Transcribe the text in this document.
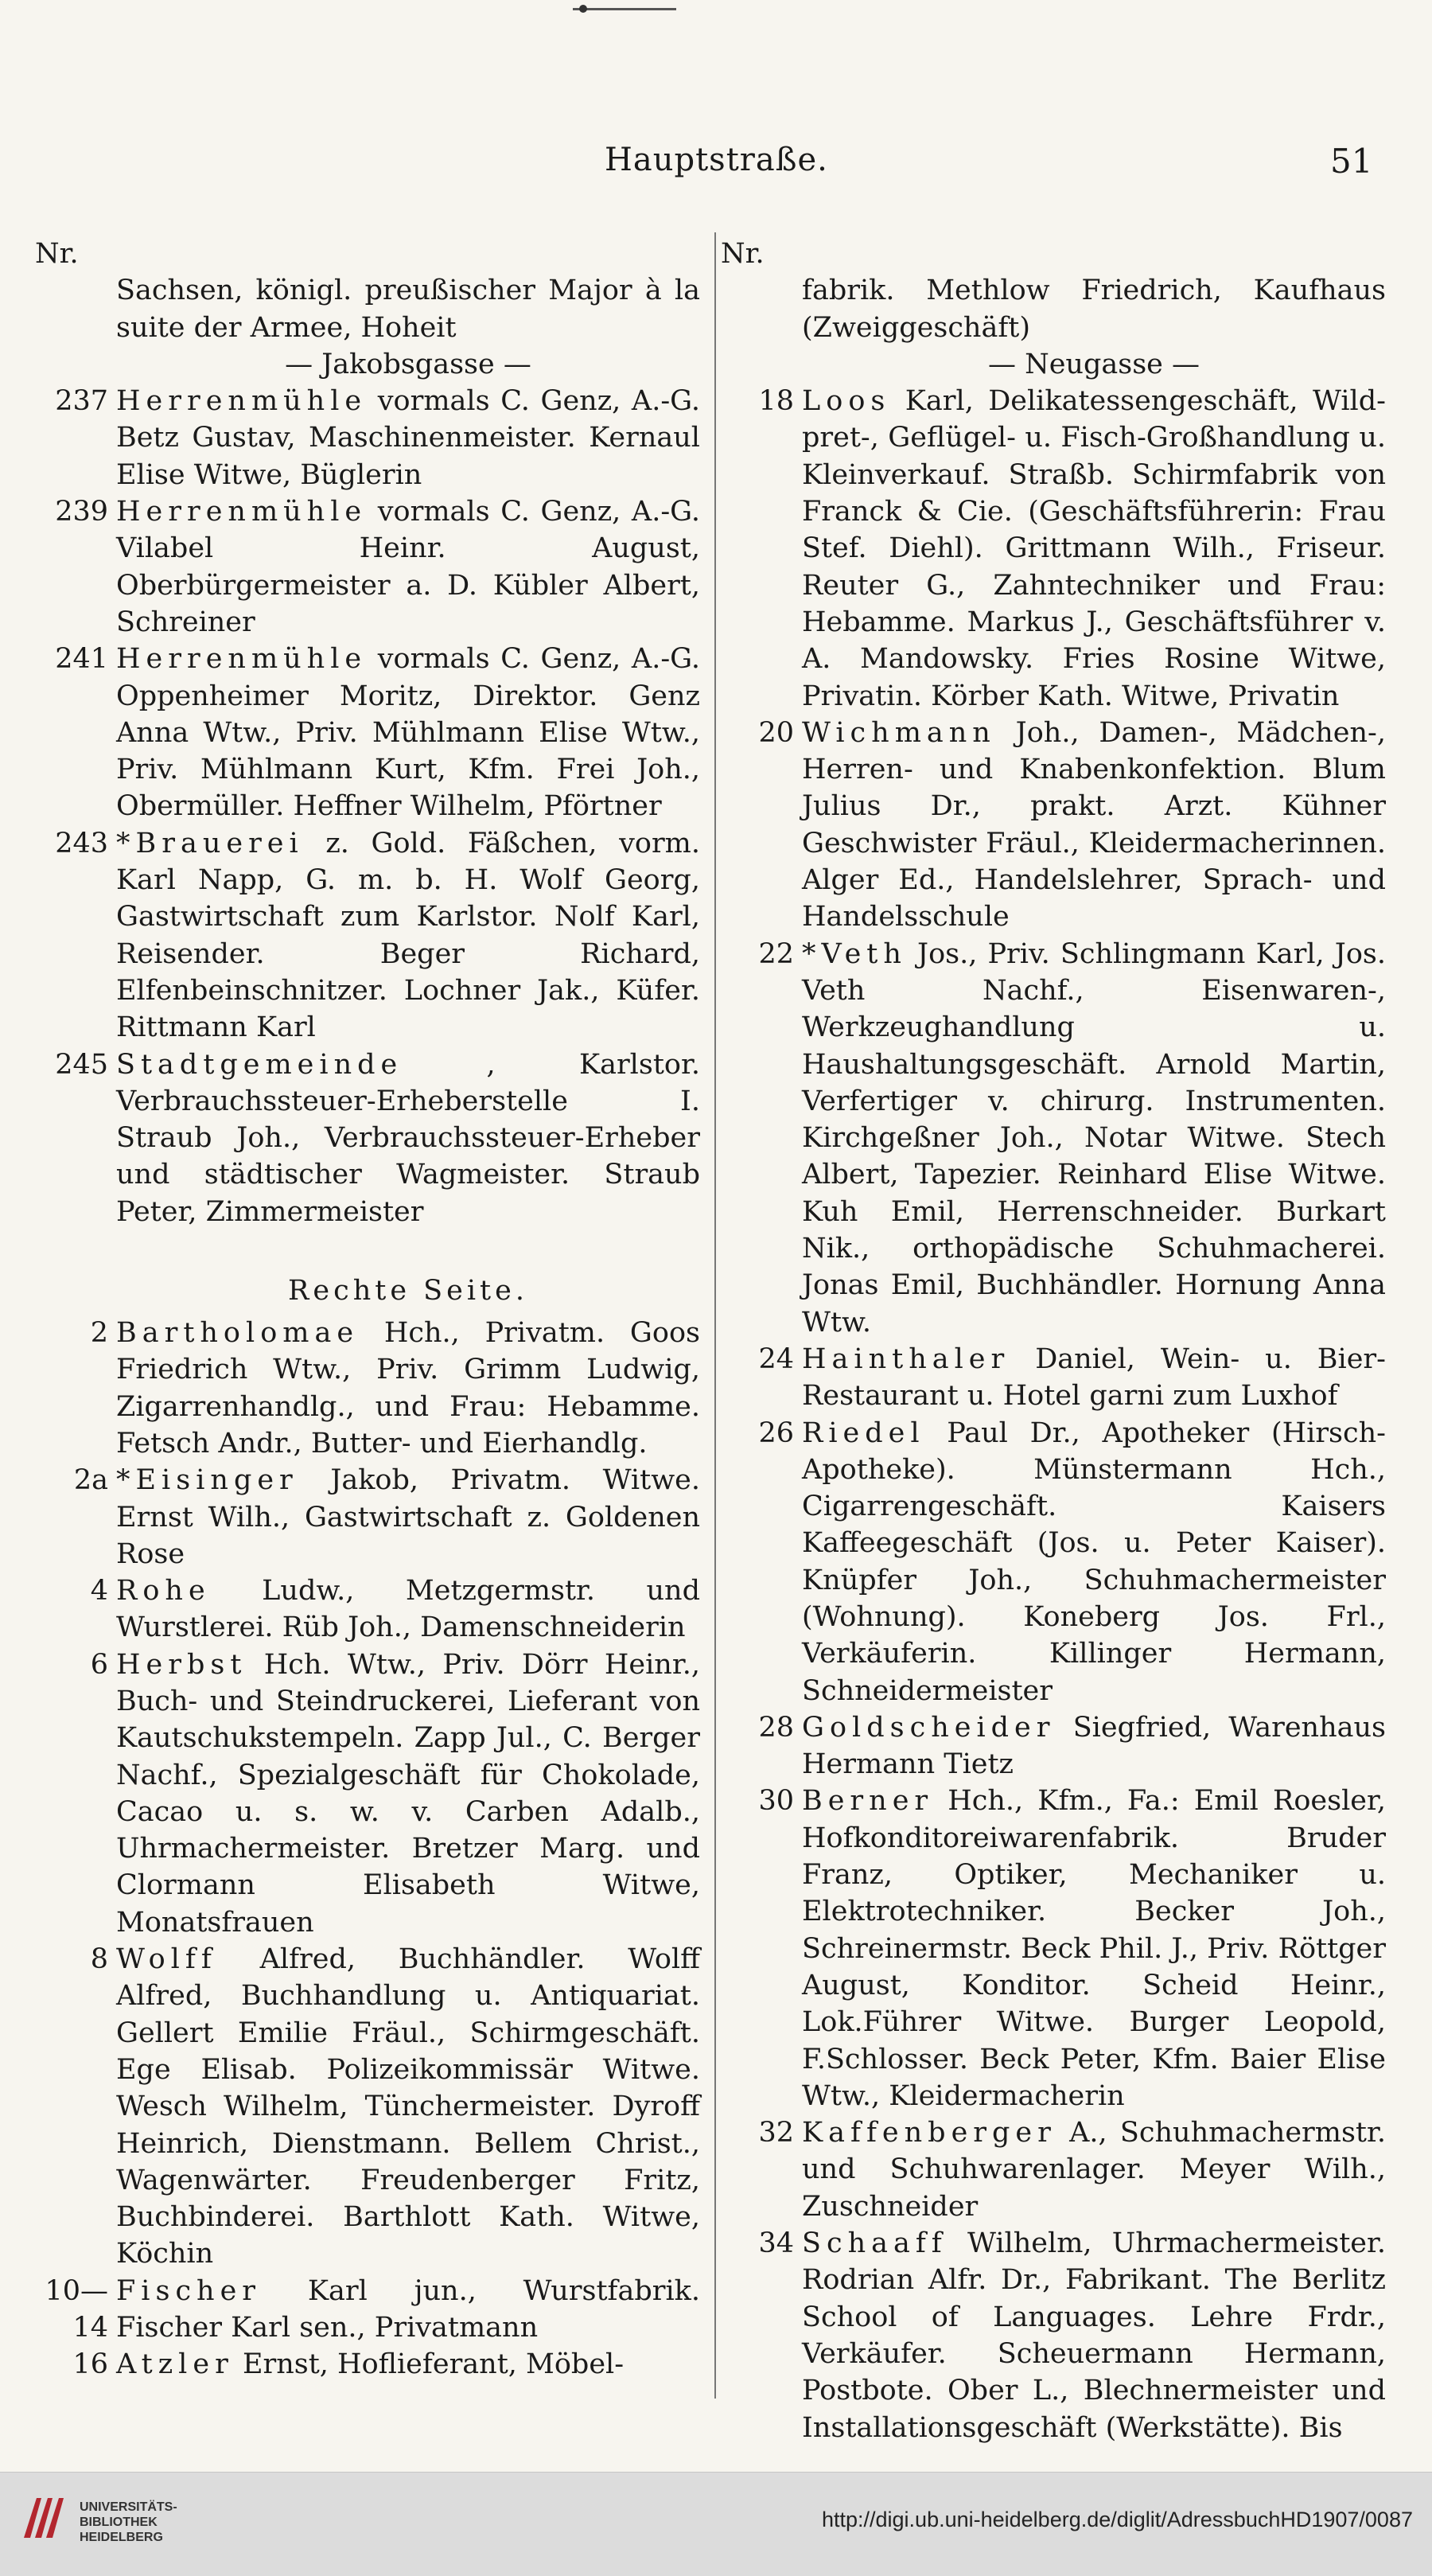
Hauptstraße.	51
Nr.
Sachsen, königl. preußischer Major à la suite der Armee, Hoheit
— Jakobsgasse —
237 Herrenmühle vormals C. Genz, A.-G. Betz Gustav, Maschinenmeister. Kernaul Elise Witwe, Büglerin
239 Herrenmühle vormals C. Genz, A.-G. Vilabel Heinr. August, Oberbürgermeister a. D. Kübler Albert, Schreiner
241 Herrenmühle vormals C. Genz, A.-G. Oppenheimer Moritz, Direktor. Genz Anna Wtw., Priv. Mühlmann Elise Wtw., Priv. Mühlmann Kurt, Kfm. Frei Joh., Obermüller. Heffner Wilhelm, Pförtner
243 *Brauerei z. Gold. Fäßchen, vorm. Karl Napp, G. m. b. H. Wolf Georg, Gastwirtschaft zum Karlstor. Nolf Karl, Reisender. Beger Richard, Elfenbeinschnitzer. Lochner Jak., Küfer. Rittmann Karl
245 Stadtgemeinde	, Karlstor. Verbrauchssteuer-Erheberstelle I. Straub Joh., Verbrauchssteuer-Erheber und städtischer Wagmeister. Straub Peter, Zimmermeister
Rechte Seite.
2 Bartholomae Hch., Privatm. Goos Friedrich Wtw., Priv. Grimm Ludwig, Zigarrenhandlg., und Frau: Hebamme. Fetsch Andr., Butter- und Eierhandlg.
2a *Eisinger Jakob, Privatm. Witwe. Ernst Wilh., Gastwirtschaft z. Goldenen Rose
4 Rohe Ludw., Metzgermstr. und Wurstlerei. Rüb Joh., Damenschneiderin
6 Herbst Hch. Wtw., Priv. Dörr Heinr., Buch- und Steindruckerei, Lieferant von Kautschukstempeln. Zapp Jul., C. Berger Nachf., Spezialgeschäft für Chokolade, Cacao u. s. w. v. Carben Adalb., Uhrmachermeister. Bretzer Marg. und Clormann Elisabeth Witwe, Monatsfrauen
8 Wolff Alfred, Buchhändler. Wolff Alfred, Buchhandlung u. Antiquariat. Gellert Emilie Fräul., Schirmgeschäft. Ege Elisab. Polizeikommissär Witwe. Wesch Wilhelm, Tünchermeister. Dyroff Heinrich, Dienstmann. Bellem Christ., Wagenwärter. Freudenberger Fritz, Buchbinderei. Barthlott Kath. Witwe, Köchin
10—14
Fischer Karl jun., Wurstfabrik. Fischer Karl sen., Privatmann
16 Atzler Ernst, Hoflieferant, Möbel-
Nr.
fabrik. Methlow Friedrich, Kaufhaus (Zweiggeschäft)
— Neugasse —
18 Loos Karl, Delikatessengeschäft, Wild-pret-, Geflügel- u. Fisch-Großhandlung u. Kleinverkauf. Straßb. Schirmfabrik von Franck & Cie. (Geschäftsführerin: Frau Stef. Diehl). Grittmann Wilh., Friseur. Reuter G., Zahntechniker und Frau: Hebamme. Markus J., Geschäftsführer v. A. Mandowsky. Fries Rosine Witwe, Privatin. Körber Kath. Witwe, Privatin
20 Wichmann Joh., Damen-, Mädchen-, Herren- und Knabenkonfektion. Blum Julius Dr., prakt. Arzt. Kühner Geschwister Fräul., Kleidermacherinnen. Alger Ed., Handelslehrer, Sprach- und Handelsschule
22 *Veth Jos., Priv. Schlingmann Karl, Jos. Veth Nachf., Eisenwaren-, Werkzeughandlung u. Haushaltungsgeschäft. Arnold Martin, Verfertiger v. chirurg. Instrumenten. Kirchgeßner Joh., Notar Witwe. Stech Albert, Tapezier. Reinhard Elise Witwe. Kuh Emil, Herrenschneider. Burkart Nik., orthopädische Schuhmacherei. Jonas Emil, Buchhändler. Hornung Anna Wtw.
24 Hainthaler Daniel, Wein- u. Bier-Restaurant u. Hotel garni zum Luxhof
26 Riedel Paul Dr., Apotheker (Hirsch-Apotheke). Münstermann Hch., Cigarrengeschäft. Kaisers Kaffeegeschäft (Jos. u. Peter Kaiser). Knüpfer Joh., Schuhmachermeister (Wohnung). Koneberg Jos. Frl., Verkäuferin. Killinger Hermann, Schneidermeister
28 Goldscheider Siegfried, Warenhaus Hermann Tietz
30 Berner Hch., Kfm., Fa.: Emil Roesler, Hofkonditoreiwarenfabrik. Bruder Franz, Optiker, Mechaniker u. Elektrotechniker. Becker Joh., Schreinermstr. Beck Phil. J., Priv. Röttger August, Konditor. Scheid Heinr., Lok.Führer Witwe. Burger Leopold, F.Schlosser. Beck Peter, Kfm. Baier Elise Wtw., Kleidermacherin
32 Kaffenberger A., Schuhmachermstr. und Schuhwarenlager. Meyer Wilh., Zuschneider
34 Schaaff Wilhelm, Uhrmachermeister. Rodrian Alfr. Dr., Fabrikant. The Berlitz School of Languages. Lehre Frdr., Verkäufer. Scheuermann Hermann, Postbote. Ober L., Blechnermeister und Installationsgeschäft (Werkstätte). Bis
UNIVERSITÄTS-
BIBLIOTHEK
HEIDELBERG
http://digi.ub.uni-heidelberg.de/diglit/AdressbuchHD1907/0087
